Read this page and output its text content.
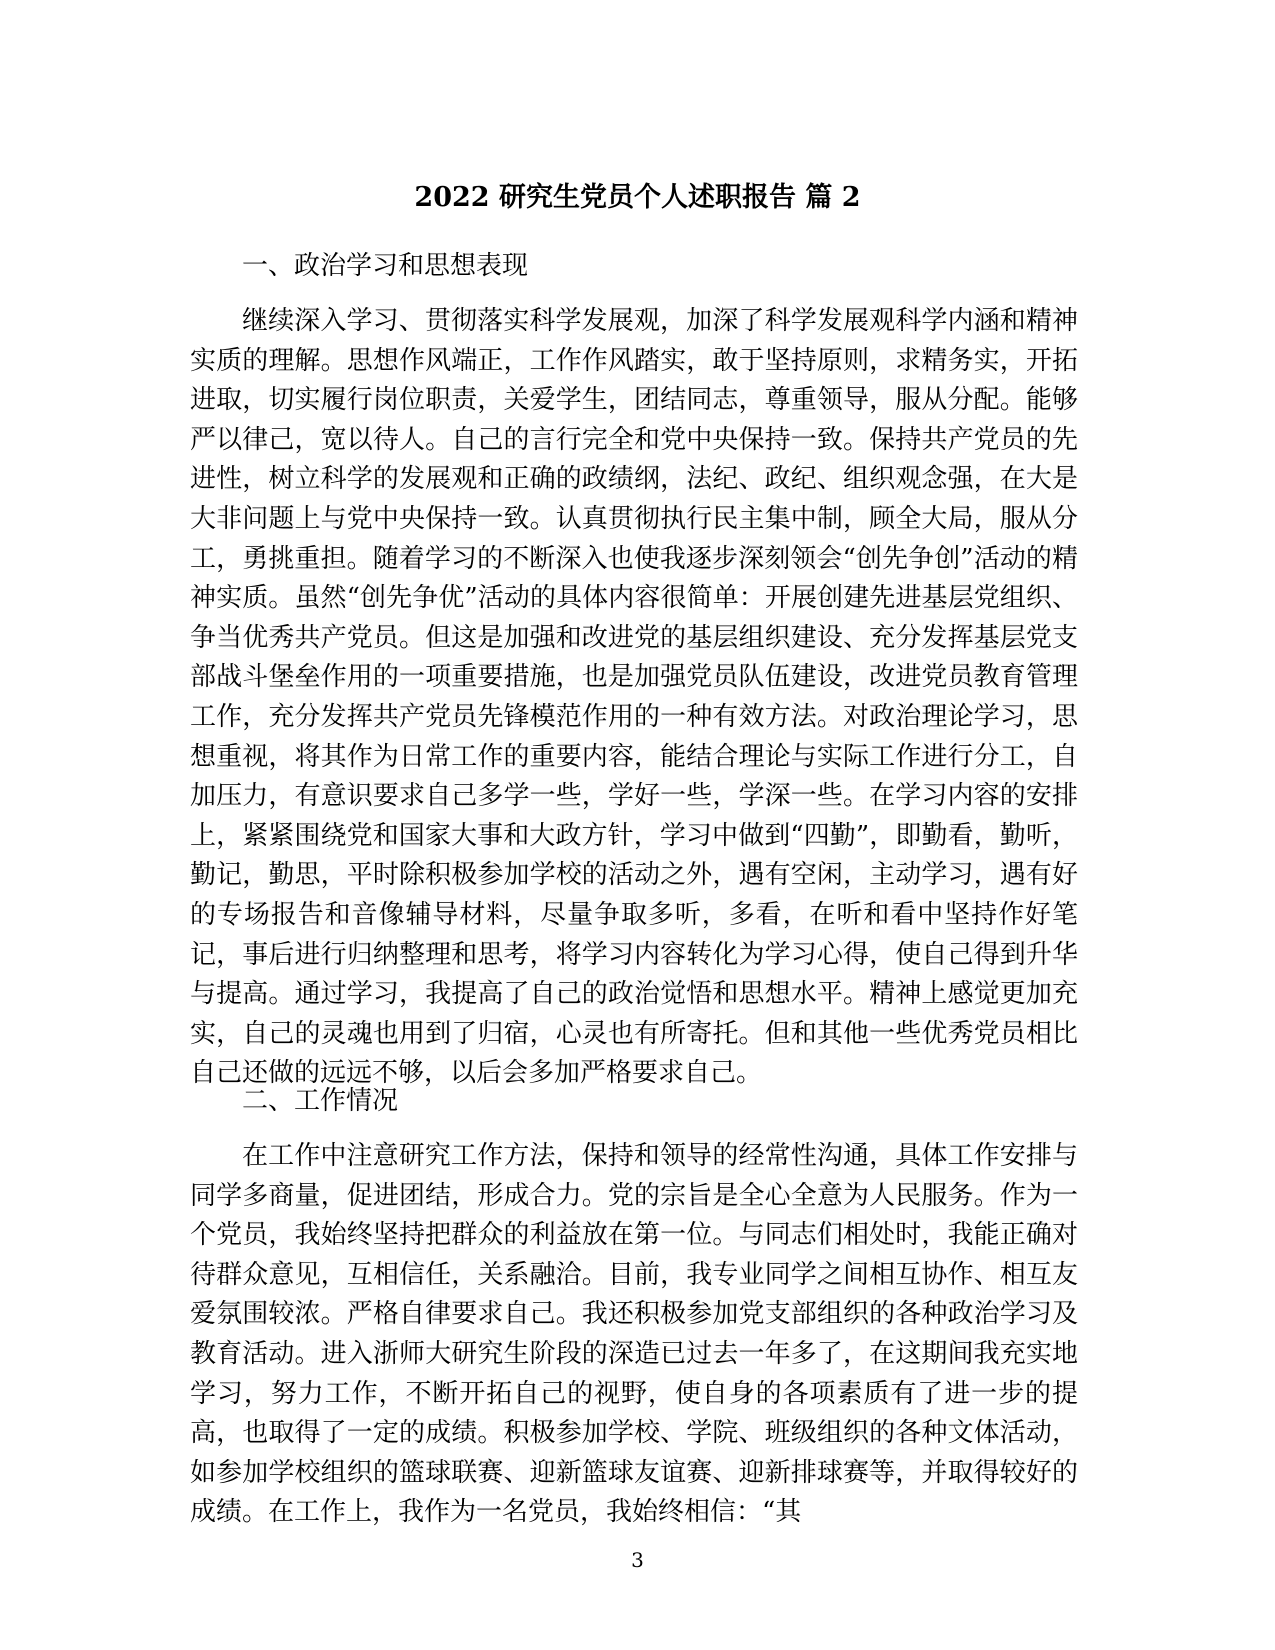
2022 研究生党员个人述职报告 篇 2
一、政治学习和思想表现

继续深入学习、贯彻落实科学发展观，加深了科学发展观科学内涵和精神实质的理解。思想作风端正，工作作风踏实，敢于坚持原则，求精务实，开拓进取，切实履行岗位职责，关爱学生，团结同志，尊重领导，服从分配。能够严以律己，宽以待人。自己的言行完全和党中央保持一致。保持共产党员的先进性，树立科学的发展观和正确的政绩纲，法纪、政纪、组织观念强，在大是大非问题上与党中央保持一致。认真贯彻执行民主集中制，顾全大局，服从分工，勇挑重担。随着学习的不断深入也使我逐步深刻领会“创先争创”活动的精神实质。虽然“创先争优”活动的具体内容很简单：开展创建先进基层党组织、争当优秀共产党员。但这是加强和改进党的基层组织建设、充分发挥基层党支部战斗堡垒作用的一项重要措施，也是加强党员队伍建设，改进党员教育管理工作，充分发挥共产党员先锋模范作用的一种有效方法。对政治理论学习，思想重视，将其作为日常工作的重要内容，能结合理论与实际工作进行分工，自加压力，有意识要求自己多学一些，学好一些，学深一些。在学习内容的安排上，紧紧围绕党和国家大事和大政方针，学习中做到“四勤”，即勤看，勤听，勤记，勤思，平时除积极参加学校的活动之外，遇有空闲，主动学习，遇有好的专场报告和音像辅导材料，尽量争取多听，多看，在听和看中坚持作好笔记，事后进行归纳整理和思考，将学习内容转化为学习心得，使自己得到升华与提高。通过学习，我提高了自己的政治觉悟和思想水平。精神上感觉更加充实，自己的灵魂也用到了归宿，心灵也有所寄托。但和其他一些优秀党员相比自己还做的远远不够，以后会多加严格要求自己。

二、工作情况

在工作中注意研究工作方法，保持和领导的经常性沟通，具体工作安排与同学多商量，促进团结，形成合力。党的宗旨是全心全意为人民服务。作为一个党员，我始终坚持把群众的利益放在第一位。与同志们相处时，我能正确对待群众意见，互相信任，关系融洽。目前，我专业同学之间相互协作、相互友爱氛围较浓。严格自律要求自己。我还积极参加党支部组织的各种政治学习及教育活动。进入浙师大研究生阶段的深造已过去一年多了，在这期间我充实地学习，努力工作，不断开拓自己的视野，使自身的各项素质有了进一步的提高，也取得了一定的成绩。积极参加学校、学院、班级组织的各种文体活动，如参加学校组织的篮球联赛、迎新篮球友谊赛、迎新排球赛等，并取得较好的成绩。在工作上，我作为一名党员，我始终相信：“其

3
